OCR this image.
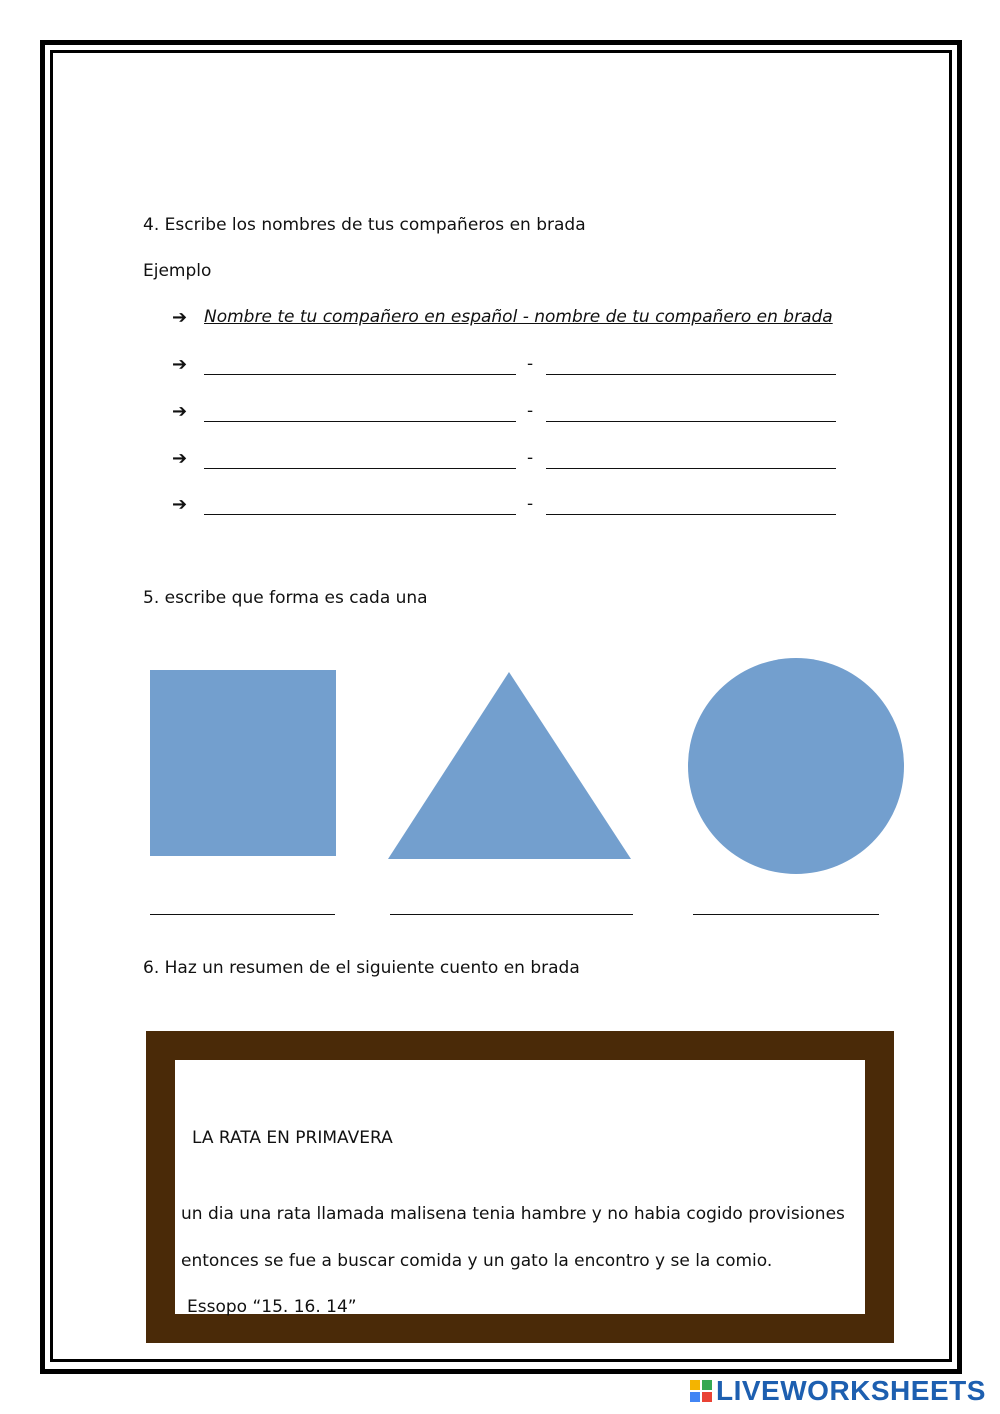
4. Escribe los nombres de tus compañeros en brada
Ejemplo
➔ Nombre te tu compañero en español - nombre de tu compañero en brada
➔	-
➔	-
➔	-
➔	-
5. escribe que forma es cada una
6. Haz un resumen de el siguiente cuento en brada
LA RATA EN PRIMAVERA
un dia una rata llamada malisena tenia hambre y no habia cogido provisiones
entonces se fue a buscar comida y un gato la encontro y se la comio.
Essopo “15. 16. 14”
LIVEWORKSHEETS
